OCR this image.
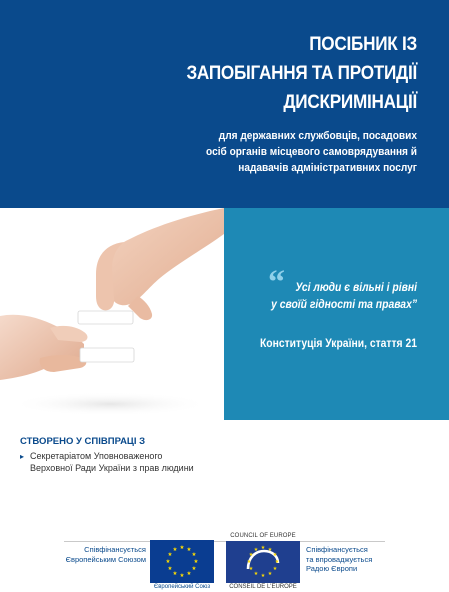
ПОСІБНИК ІЗ
ЗАПОБІГАННЯ ТА ПРОТИДІЇ
ДИСКРИМІНАЦІЇ
для державних службовців, посадових
осіб органів місцевого самоврядування й
надавачів адміністративних послуг
“ Усі люди є вільні і рівні
у своїй гідності та правах”
Конституція України, стаття 21
СТВОРЕНО У СПІВПРАЦІ З
▸ Секретаріатом Уповноваженого
Верховної Ради України з прав людини
Співфінансується
Європейським Союзом
★ ★
★
★
★
★
★
★
★
★
★
★
Європейський Союз
COUNCIL OF EUROPE
★ ★
★
★
★
★
★
★
★
★
★
★
CONSEIL DE L'EUROPE
Співфінансується
та впроваджується
Радою Європи
